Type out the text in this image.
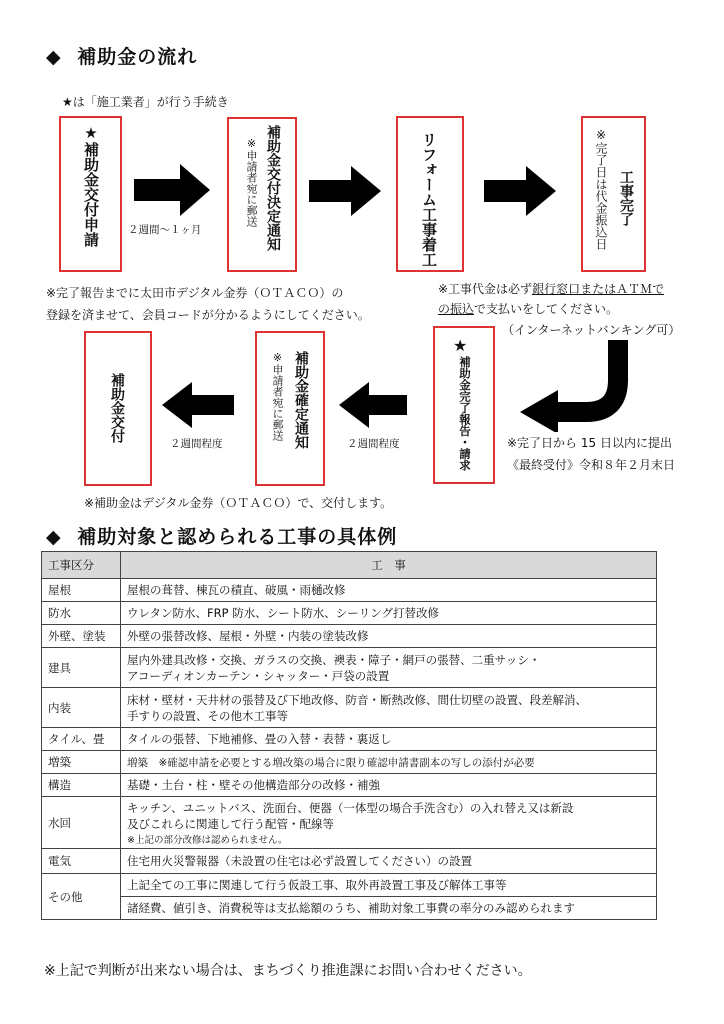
◆ 補助金の流れ
★は「施工業者」が行う手続き
★補助金交付申請	補助金交付決定通知
※申請者宛に郵送	リフォーム工事着工	※完了日は代金振込日 工事完了
２週間～１ヶ月
※完了報告までに太田市デジタル金券（ＯＴＡＣＯ）の
登録を済ませて、会員コードが分かるようにしてください。
※工事代金は必ず銀行窓口またはＡＴＭで
の振込で支払いをしてください。
（インターネットバンキング可）
補助金交付	補助金確定通知
※申請者宛に郵送
★
補助金完了報告・請求
２週間程度
２週間程度	※完了日から 15 日以内に提出
《最終受付》令和８年２月末日
※補助金はデジタル金券（ＯＴＡＣＯ）で、交付します。
◆ 補助対象と認められる工事の具体例
工事区分	工　事
屋根	屋根の葺替、棟瓦の積直、破風・雨樋改修
防水	ウレタン防水、FRP 防水、シート防水、シーリング打替改修
外壁、塗装	外壁の張替改修、屋根・外壁・内装の塗装改修
建具	屋内外建具改修・交換、ガラスの交換、襖表・障子・網戸の張替、二重サッシ・
アコーディオンカーテン・シャッター・戸袋の設置

内装	床材・壁材・天井材の張替及び下地改修、防音・断熱改修、間仕切壁の設置、段差解消、
手すりの設置、その他木工事等

タイル、畳	タイルの張替、下地補修、畳の入替・表替・裏返し
増築	増築　※確認申請を必要とする増改築の場合に限り確認申請書副本の写しの添付が必要
構造	基礎・土台・柱・壁その他構造部分の改修・補強
水回	キッチン、ユニットバス、洗面台、便器（一体型の場合手洗含む）の入れ替え又は新設
及びこれらに関連して行う配管・配線等
※上記の部分改修は認められません。

電気	住宅用火災警報器（未設置の住宅は必ず設置してください）の設置
その他	上記全ての工事に関連して行う仮設工事、取外再設置工事及び解体工事等
	諸経費、値引き、消費税等は支払総額のうち、補助対象工事費の率分のみ認められます
※上記で判断が出来ない場合は、まちづくり推進課にお問い合わせください。
